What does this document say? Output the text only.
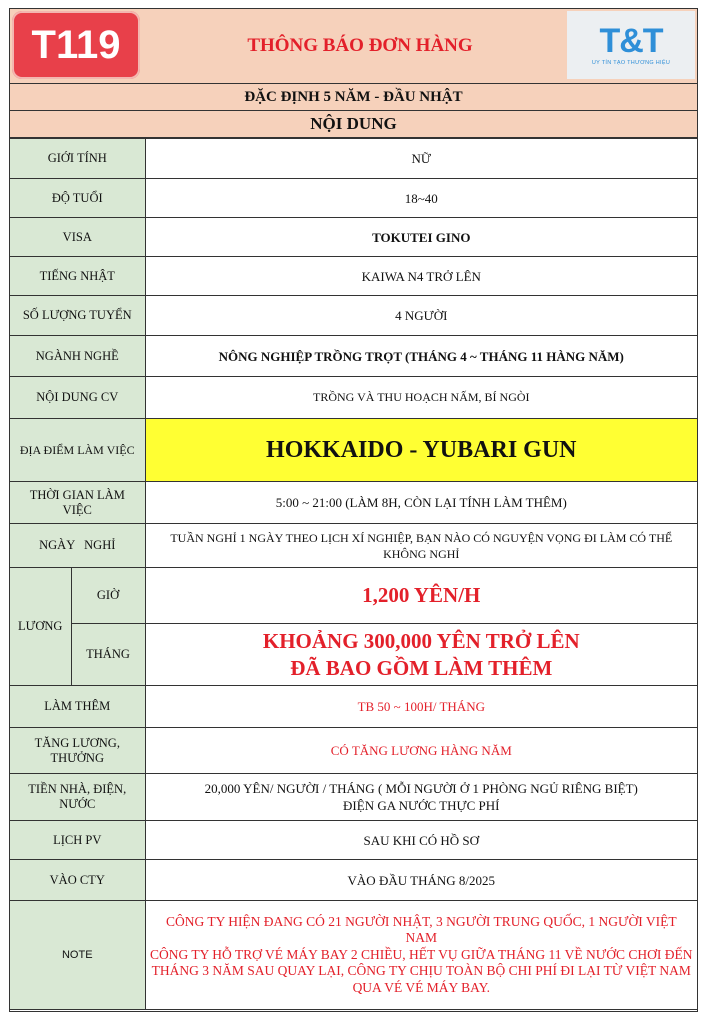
T119	THÔNG BÁO ĐƠN HÀNG	T&T
UY TÍN TẠO THƯƠNG HIỆU
ĐẶC ĐỊNH 5 NĂM - ĐẦU NHẬT
NỘI DUNG
GIỚI TÍNH		NỮ
ĐỘ TUỔI		18~40
VISA		TOKUTEI GINO
TIẾNG NHẬT		KAIWA N4 TRỞ LÊN
SỐ LƯỢNG TUYỂN		4 NGƯỜI
NGÀNH NGHỀ		NÔNG NGHIỆP TRỒNG TRỌT (THÁNG 4 ~ THÁNG 11 HÀNG NĂM)
NỘI DUNG CV		TRỒNG VÀ THU HOẠCH NẤM, BÍ NGÒI
ĐỊA ĐIỂM LÀM VIỆC		HOKKAIDO - YUBARI GUN
THỜI GIAN LÀM VIỆC		5:00 ~ 21:00 (LÀM 8H, CÒN LẠI TÍNH LÀM THÊM)
NGÀY   NGHỈ		TUẦN NGHỈ 1 NGÀY THEO LỊCH XÍ NGHIỆP, BẠN NÀO CÓ NGUYỆN VỌNG ĐI LÀM CÓ THỂ KHÔNG NGHỈ
LƯƠNG	GIỜ	1,200 YÊN/H
	THÁNG	KHOẢNG 300,000 YÊN TRỞ LÊN
ĐÃ BAO GỒM LÀM THÊM

LÀM THÊM		TB 50 ~ 100H/ THÁNG
TĂNG LƯƠNG, THƯỞNG		CÓ TĂNG LƯƠNG HÀNG NĂM
TIỀN NHÀ, ĐIỆN, NƯỚC		20,000 YÊN/ NGƯỜI / THÁNG ( MỖI NGƯỜI Ở 1 PHÒNG NGỦ RIÊNG BIỆT)
ĐIỆN GA NƯỚC THỰC PHÍ

LỊCH PV		SAU KHI CÓ HỒ SƠ
VÀO CTY		VÀO ĐẦU THÁNG 8/2025
NOTE		CÔNG TY HIỆN ĐANG CÓ 21 NGƯỜI NHẬT, 3 NGƯỜI TRUNG QUỐC, 1 NGƯỜI VIỆT NAM
CÔNG TY HỖ TRỢ VÉ MÁY BAY 2 CHIỀU, HẾT VỤ GIỮA THÁNG 11 VỀ NƯỚC CHƠI ĐẾN THÁNG 3 NĂM SAU QUAY LẠI, CÔNG TY CHỊU TOÀN BỘ CHI PHÍ ĐI LẠI TỪ VIỆT NAM QUA VÉ VÉ MÁY BAY.
